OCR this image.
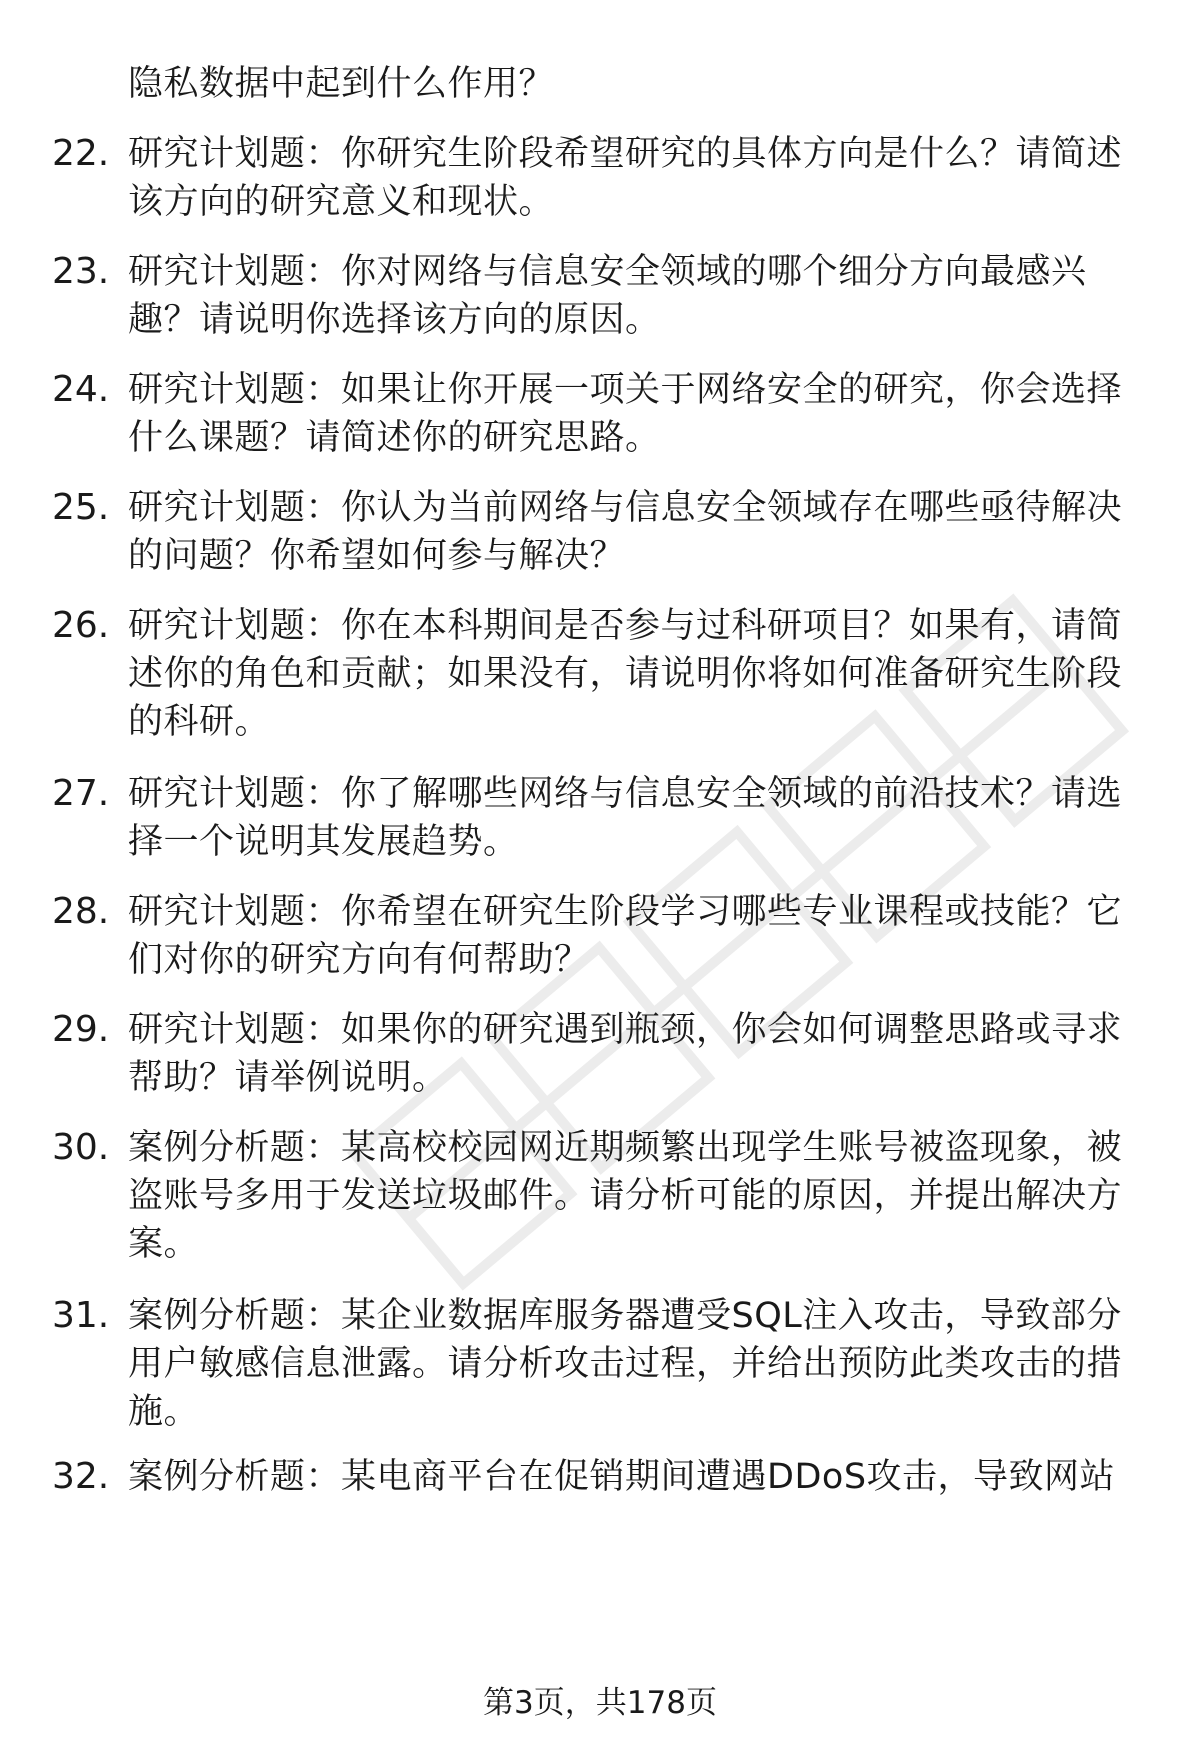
隐私数据中起到什么作用？
22. 研究计划题：你研究生阶段希望研究的具体方向是什么？请简述
该方向的研究意义和现状。
23. 研究计划题：你对网络与信息安全领域的哪个细分方向最感兴
趣？请说明你选择该方向的原因。
24. 研究计划题：如果让你开展一项关于网络安全的研究，你会选择
什么课题？请简述你的研究思路。
25. 研究计划题：你认为当前网络与信息安全领域存在哪些亟待解决
的问题？你希望如何参与解决？
26. 研究计划题：你在本科期间是否参与过科研项目？如果有，请简
述你的角色和贡献；如果没有，请说明你将如何准备研究生阶段
的科研。
27. 研究计划题：你了解哪些网络与信息安全领域的前沿技术？请选
择一个说明其发展趋势。
28. 研究计划题：你希望在研究生阶段学习哪些专业课程或技能？它
们对你的研究方向有何帮助？
29. 研究计划题：如果你的研究遇到瓶颈，你会如何调整思路或寻求
帮助？请举例说明。
30. 案例分析题：某高校校园网近期频繁出现学生账号被盗现象，被
盗账号多用于发送垃圾邮件。请分析可能的原因，并提出解决方
案。
31. 案例分析题：某企业数据库服务器遭受SQL注入攻击，导致部分
用户敏感信息泄露。请分析攻击过程，并给出预防此类攻击的措
施。
32. 案例分析题：某电商平台在促销期间遭遇DDoS攻击，导致网站
第3页，共178页
